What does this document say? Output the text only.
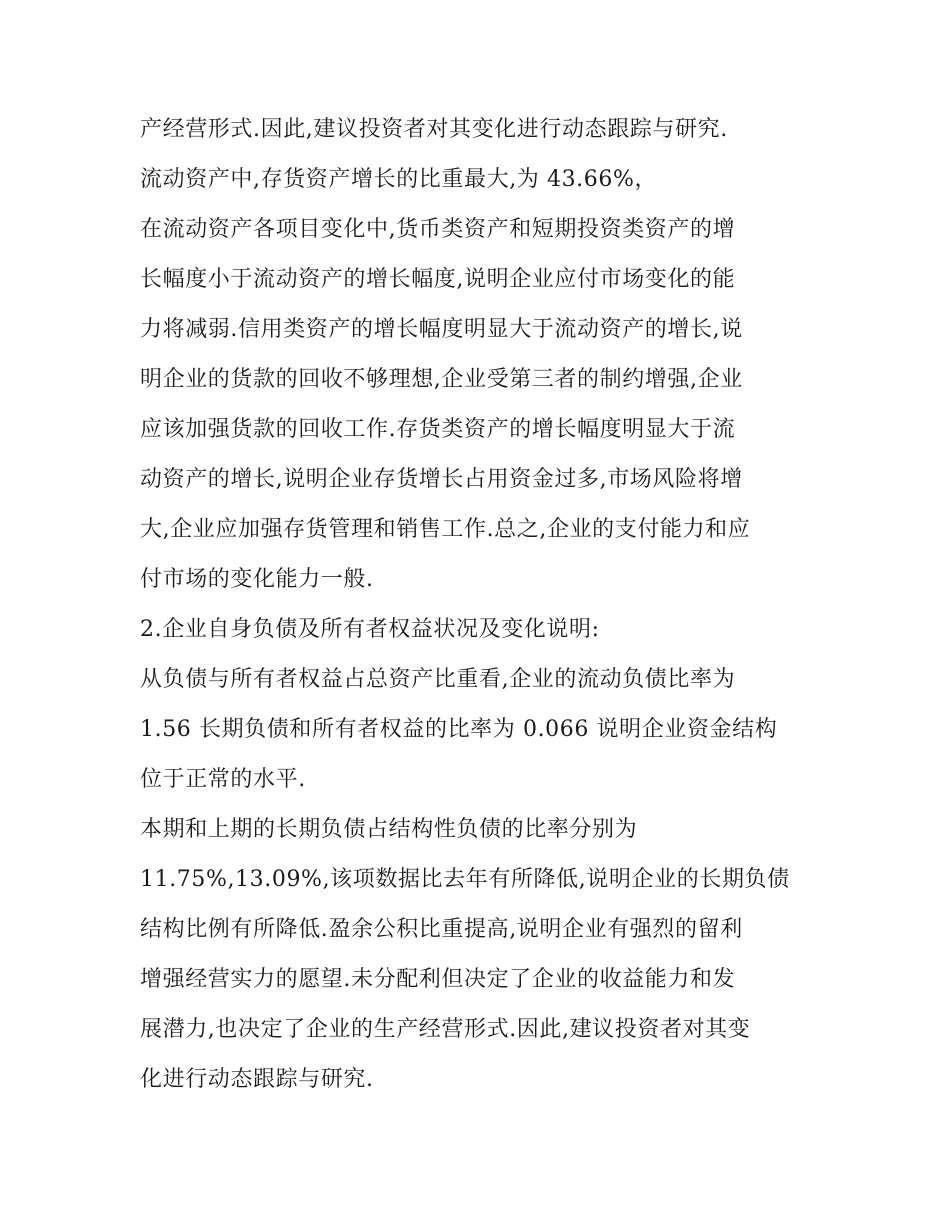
产经营形式.因此,建议投资者对其变化进行动态跟踪与研究.
流动资产中,存货资产增长的比重最大,为 43.66%，
在流动资产各项目变化中,货币类资产和短期投资类资产的增
长幅度小于流动资产的增长幅度,说明企业应付市场变化的能
力将减弱.信用类资产的增长幅度明显大于流动资产的增长,说
明企业的货款的回收不够理想,企业受第三者的制约增强,企业
应该加强货款的回收工作.存货类资产的增长幅度明显大于流
动资产的增长,说明企业存货增长占用资金过多,市场风险将增
大,企业应加强存货管理和销售工作.总之,企业的支付能力和应
付市场的变化能力一般.
2.企业自身负债及所有者权益状况及变化说明:
从负债与所有者权益占总资产比重看,企业的流动负债比率为
1.56 长期负债和所有者权益的比率为 0.066 说明企业资金结构
位于正常的水平.
本期和上期的长期负债占结构性负债的比率分别为
11.75%,13.09%,该项数据比去年有所降低,说明企业的长期负债
结构比例有所降低.盈余公积比重提高,说明企业有强烈的留利
增强经营实力的愿望.未分配利但决定了企业的收益能力和发
展潜力,也决定了企业的生产经营形式.因此,建议投资者对其变
化进行动态跟踪与研究.
